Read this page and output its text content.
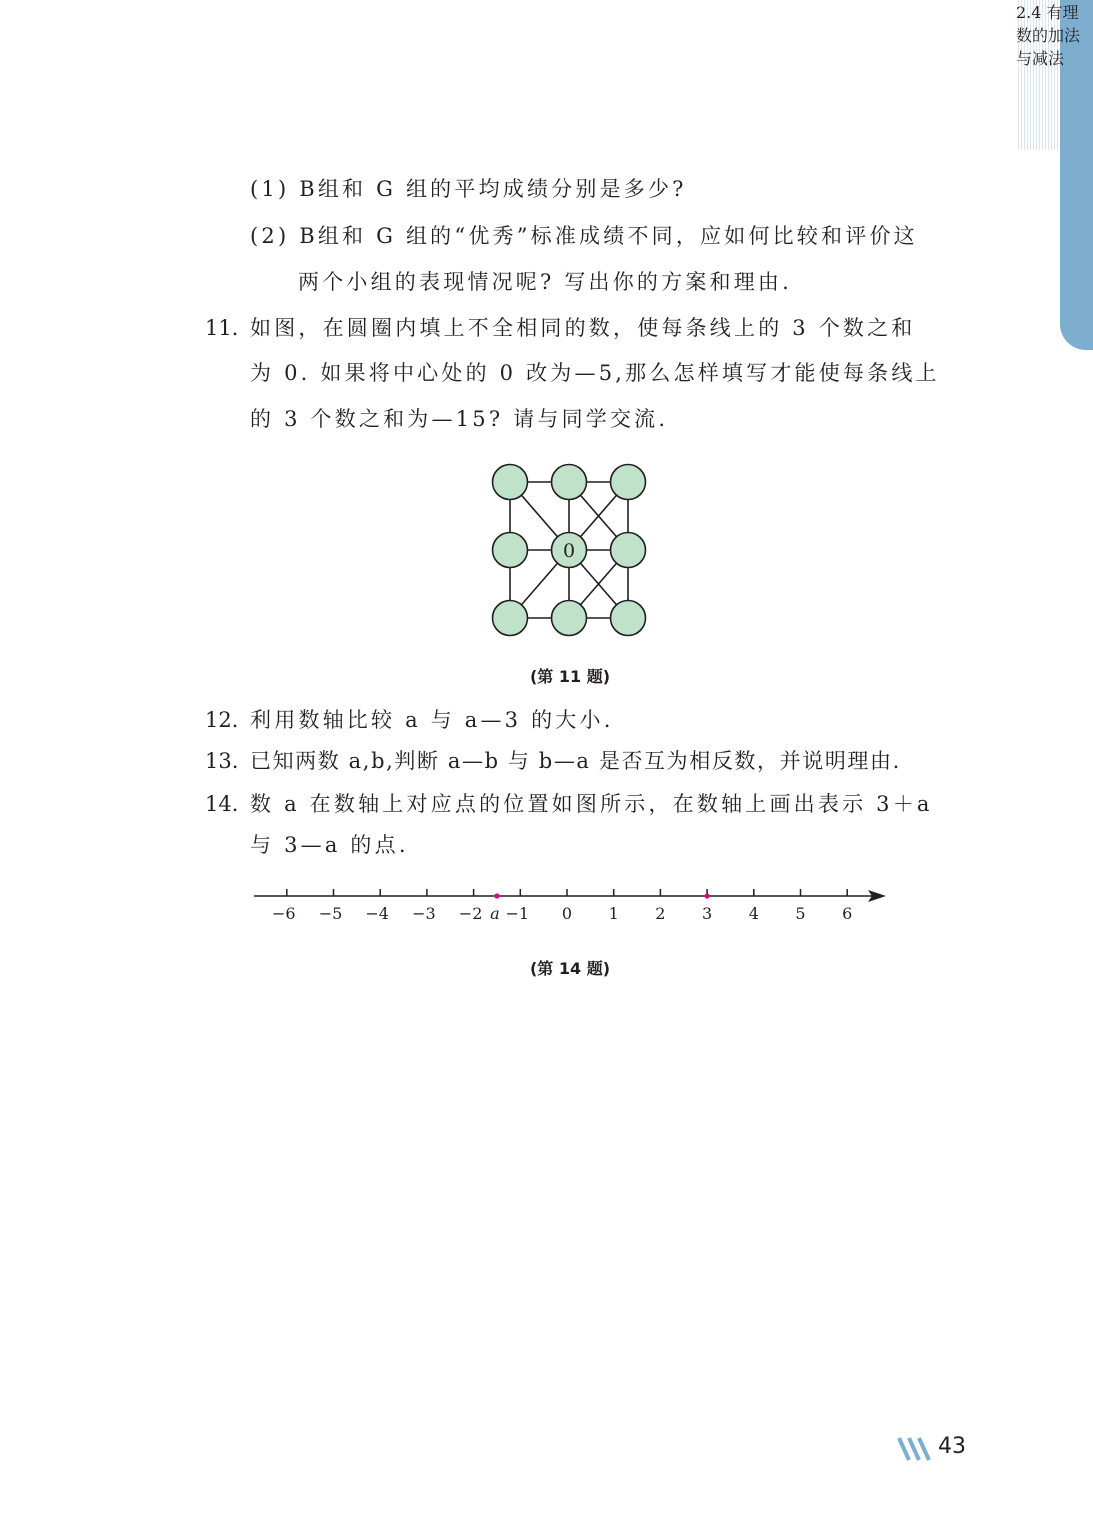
2.4 有理数的加法与减法
(1) B组和 G 组的平均成绩分别是多少?
(2) B组和 G 组的“优秀”标准成绩不同，应如何比较和评价这
两个小组的表现情况呢? 写出你的方案和理由.
11. 如图，在圆圈内填上不全相同的数，使每条线上的 3 个数之和
为 0. 如果将中心处的 0 改为—5,那么怎样填写才能使每条线上
的 3 个数之和为—15? 请与同学交流.
0
(第 11 题)
12. 利用数轴比较 a 与 a—3 的大小.
13. 已知两数 a,b,判断 a—b 与 b—a 是否互为相反数，并说明理由.
14. 数 a 在数轴上对应点的位置如图所示，在数轴上画出表示 3＋a
与 3—a 的点.
−6 −5 −4 −3 −2 −1 0 1 2 3 4 5 6
a
(第 14 题)
43
